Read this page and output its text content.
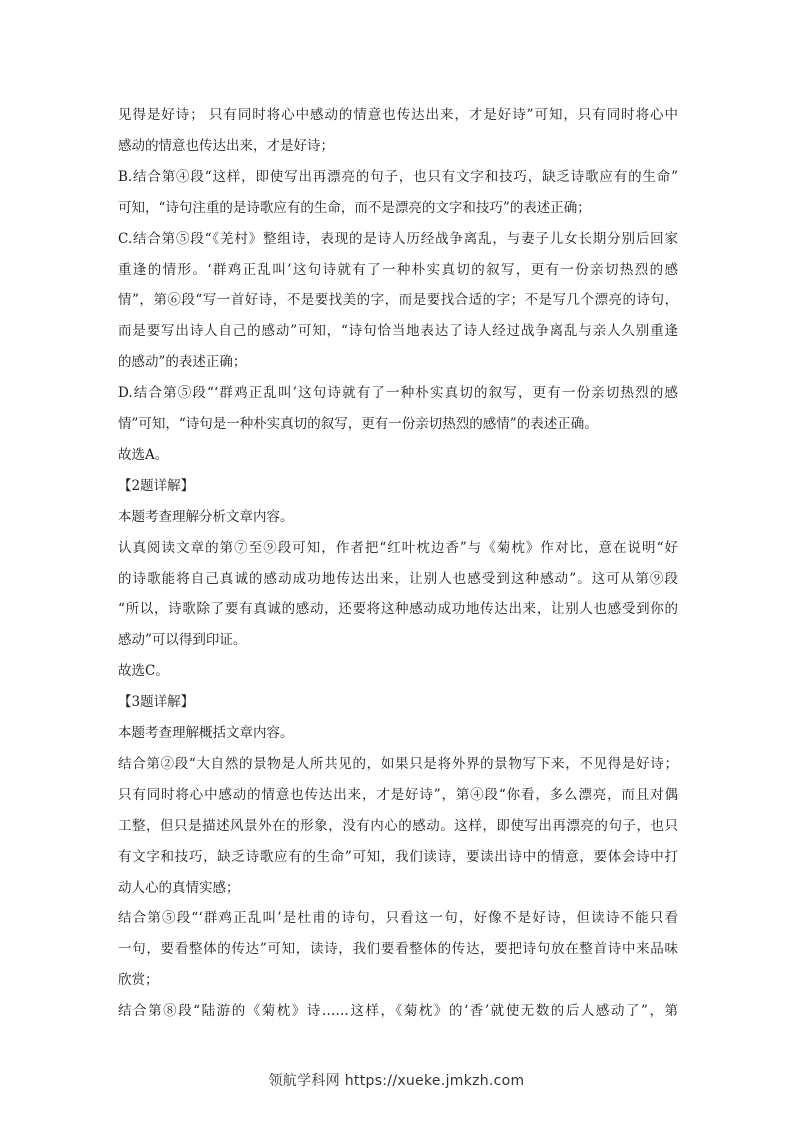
见得是好诗； 只有同时将心中感动的情意也传达出来，才是好诗”可知，只有同时将心中
感动的情意也传达出来，才是好诗；
B.结合第④段“这样，即使写出再漂亮的句子，也只有文字和技巧，缺乏诗歌应有的生命”
可知，“诗句注重的是诗歌应有的生命，而不是漂亮的文字和技巧”的表述正确；
C.结合第⑤段“《羌村》整组诗，表现的是诗人历经战争离乱，与妻子儿女长期分别后回家
重逢的情形。‘群鸡正乱叫’这句诗就有了一种朴实真切的叙写，更有一份亲切热烈的感
情”，第⑥段“写一首好诗，不是要找美的字，而是要找合适的字；不是写几个漂亮的诗句，
而是要写出诗人自己的感动”可知，“诗句恰当地表达了诗人经过战争离乱与亲人久别重逢
的感动”的表述正确；
D.结合第⑤段“‘群鸡正乱叫’这句诗就有了一种朴实真切的叙写，更有一份亲切热烈的感
情”可知，“诗句是一种朴实真切的叙写，更有一份亲切热烈的感情”的表述正确。
故选A。
【2题详解】
本题考查理解分析文章内容。
认真阅读文章的第⑦至⑨段可知，作者把“红叶枕边香”与《菊枕》作对比，意在说明“好
的诗歌能将自己真诚的感动成功地传达出来，让别人也感受到这种感动”。这可从第⑨段
“所以，诗歌除了要有真诚的感动，还要将这种感动成功地传达出来，让别人也感受到你的
感动”可以得到印证。
故选C。
【3题详解】
本题考查理解概括文章内容。
结合第②段“大自然的景物是人所共见的，如果只是将外界的景物写下来，不见得是好诗；
只有同时将心中感动的情意也传达出来，才是好诗”，第④段“你看，多么漂亮，而且对偶
工整，但只是描述风景外在的形象，没有内心的感动。这样，即使写出再漂亮的句子，也只
有文字和技巧，缺乏诗歌应有的生命”可知，我们读诗，要读出诗中的情意，要体会诗中打
动人心的真情实感；
结合第⑤段“‘群鸡正乱叫’是杜甫的诗句，只看这一句，好像不是好诗，但读诗不能只看
一句，要看整体的传达”可知，读诗，我们要看整体的传达，要把诗句放在整首诗中来品味
欣赏；
结合第⑧段“陆游的《菊枕》诗……这样，《菊枕》的‘香’就使无数的后人感动了”，第
领航学科网 https://xueke.jmkzh.com
